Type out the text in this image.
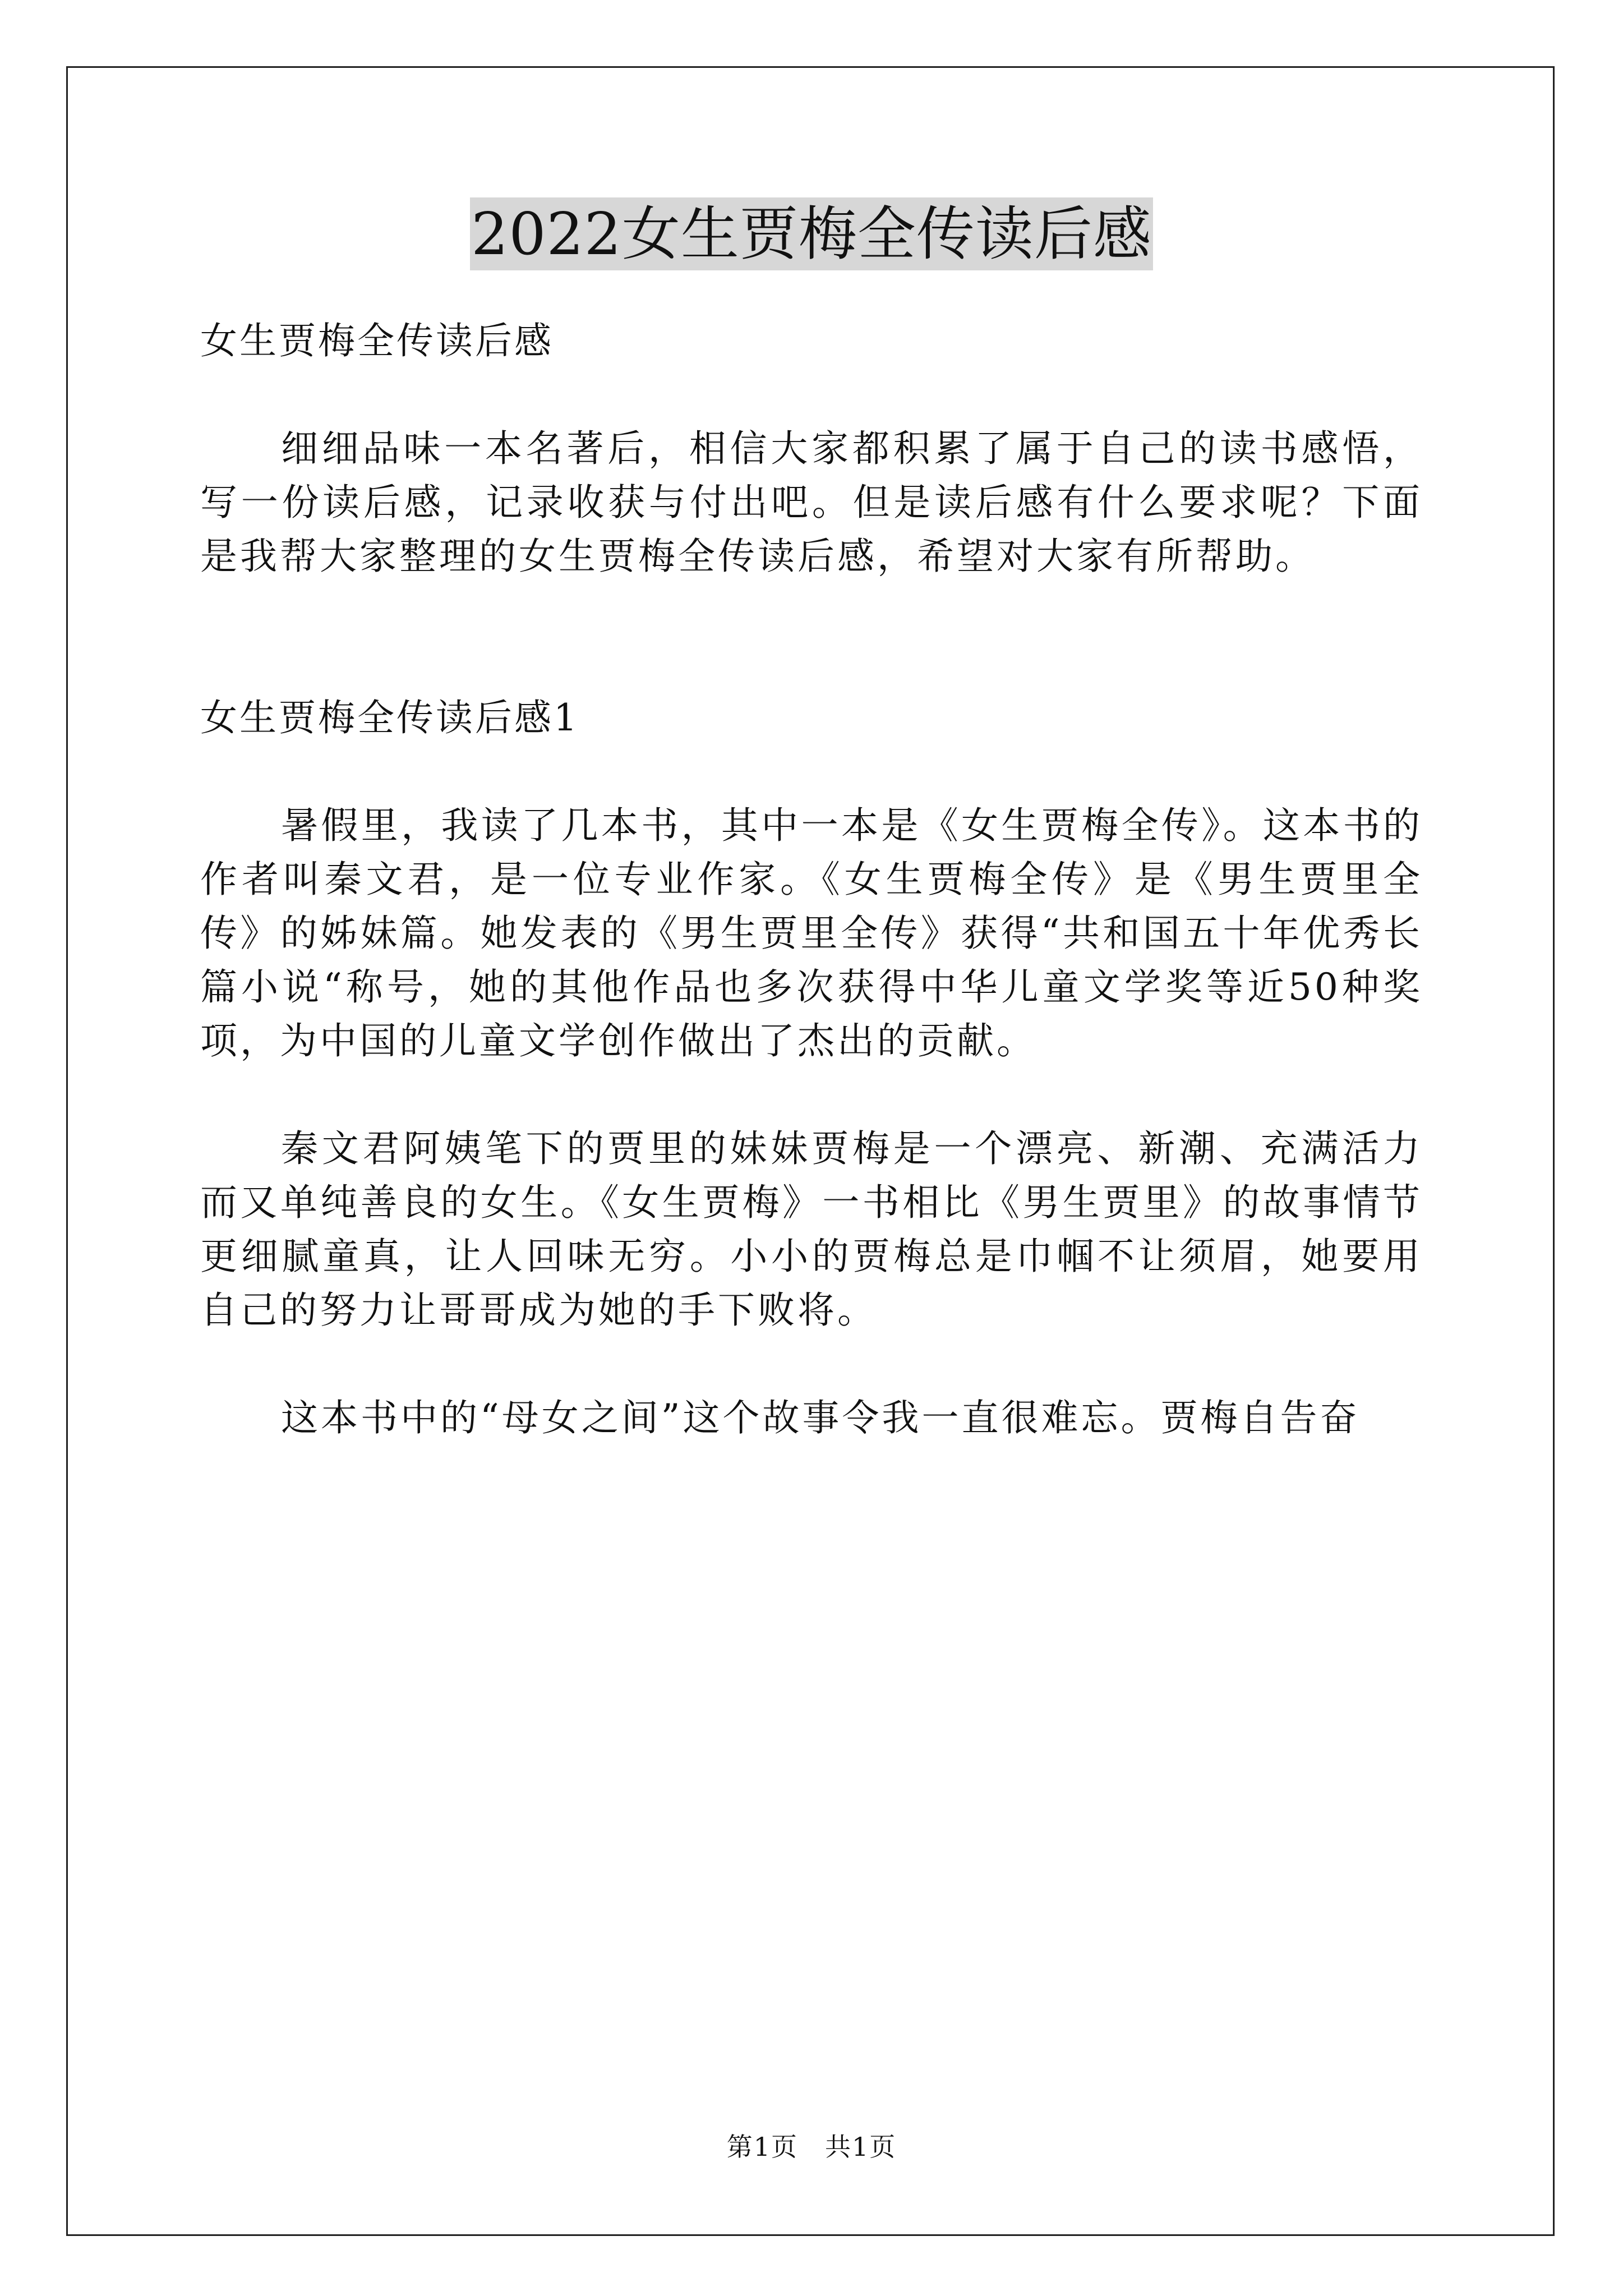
2022女生贾梅全传读后感

女生贾梅全传读后感

细细品味一本名著后，相信大家都积累了属于自己的读书感悟，写一份读后感，记录收获与付出吧。但是读后感有什么要求呢？下面是我帮大家整理的女生贾梅全传读后感，希望对大家有所帮助。

女生贾梅全传读后感1

暑假里，我读了几本书，其中一本是《女生贾梅全传》。这本书的作者叫秦文君，是一位专业作家。《女生贾梅全传》是《男生贾里全传》的姊妹篇。她发表的《男生贾里全传》获得“共和国五十年优秀长篇小说“称号，她的其他作品也多次获得中华儿童文学奖等近50种奖项，为中国的儿童文学创作做出了杰出的贡献。

秦文君阿姨笔下的贾里的妹妹贾梅是一个漂亮、新潮、充满活力而又单纯善良的女生。《女生贾梅》一书相比《男生贾里》的故事情节更细腻童真，让人回味无穷。小小的贾梅总是巾帼不让须眉，她要用自己的努力让哥哥成为她的手下败将。

这本书中的“母女之间”这个故事令我一直很难忘。贾梅自告奋

第1页 共1页
